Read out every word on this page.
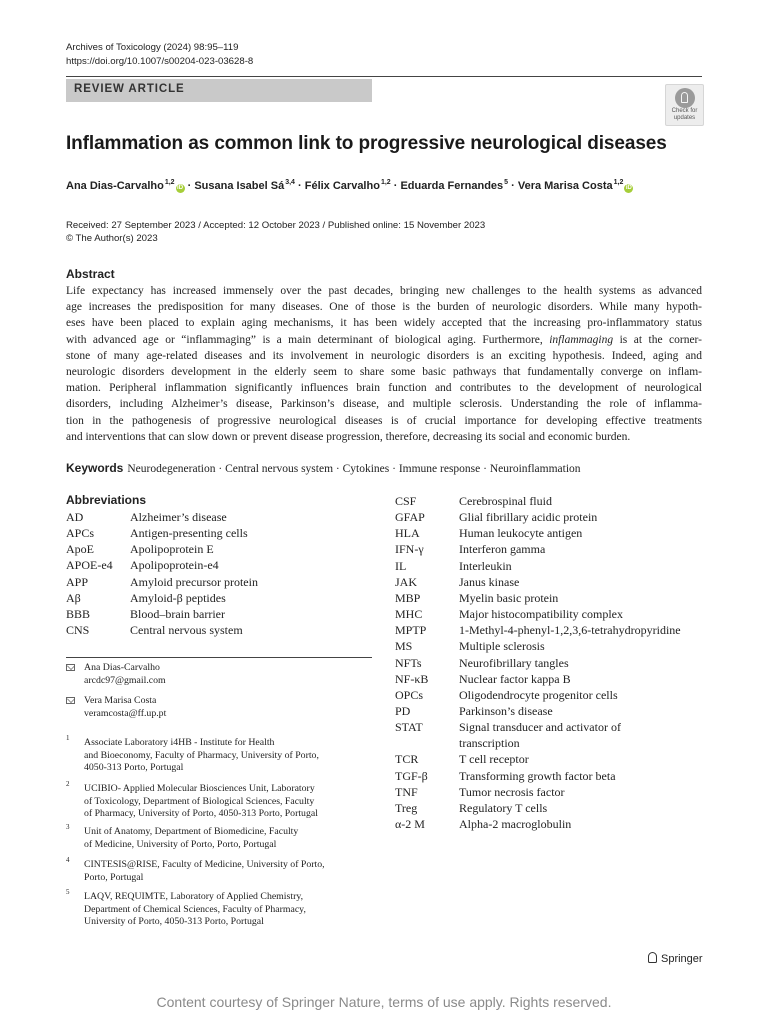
Archives of Toxicology (2024) 98:95–119
https://doi.org/10.1007/s00204-023-03628-8
REVIEW ARTICLE
Check for
updates
Inflammation as common link to progressive neurological diseases
Ana Dias-Carvalho$^{1,2}$iD · Susana Isabel Sá$^{3,4}$ · Félix Carvalho$^{1,2}$ · Eduarda Fernandes$^5$ · Vera Marisa Costa$^{1,2}$iD
Received: 27 September 2023 / Accepted: 12 October 2023 / Published online: 15 November 2023
© The Author(s) 2023
Abstract
Life expectancy has increased immensely over the past decades, bringing new challenges to the health systems as advanced
age increases the predisposition for many diseases. One of those is the burden of neurologic disorders. While many hypoth-
eses have been placed to explain aging mechanisms, it has been widely accepted that the increasing pro-inflammatory status
with advanced age or “inflammaging” is a main determinant of biological aging. Furthermore, inflammaging is at the corner-
stone of many age-related diseases and its involvement in neurologic disorders is an exciting hypothesis. Indeed, aging and
neurologic disorders development in the elderly seem to share some basic pathways that fundamentally converge on inflam-
mation. Peripheral inflammation significantly influences brain function and contributes to the development of neurological
disorders, including Alzheimer’s disease, Parkinson’s disease, and multiple sclerosis. Understanding the role of inflamma-
tion in the pathogenesis of progressive neurological diseases is of crucial importance for developing effective treatments
and interventions that can slow down or prevent disease progression, therefore, decreasing its social and economic burden.
Keywords Neurodegeneration · Central nervous system · Cytokines · Immune response · Neuroinflammation
Abbreviations
AD	Alzheimer’s disease
APCs	Antigen-presenting cells
ApoE	Apolipoprotein E
APOE-e4 Apolipoprotein-e4
APP	Amyloid precursor protein
Aβ	Amyloid-β peptides
BBB	Blood–brain barrier
CNS	Central nervous system
CSF	Cerebrospinal fluid
GFAP	Glial fibrillary acidic protein
HLA	Human leukocyte antigen
IFN-γ	Interferon gamma
IL	Interleukin
JAK	Janus kinase
MBP	Myelin basic protein
MHC	Major histocompatibility complex
MPTP	1-Methyl-4-phenyl-1,2,3,6-tetrahydropyridine
MS	Multiple sclerosis
NFTs	Neurofibrillary tangles
NF-κB	Nuclear factor kappa B
OPCs	Oligodendrocyte progenitor cells
PD	Parkinson’s disease
STAT	Signal transducer and activator of
transcription
TCR	T cell receptor
TGF-β	Transforming growth factor beta
TNF	Tumor necrosis factor
Treg	Regulatory T cells
α-2 M	Alpha-2 macroglobulin
Ana Dias-Carvalho
arcdc97@gmail.com
Vera Marisa Costa
veramcosta@ff.up.pt
1 Associate Laboratory i4HB - Institute for Health
and Bioeconomy, Faculty of Pharmacy, University of Porto,
4050-313 Porto, Portugal
2 UCIBIO- Applied Molecular Biosciences Unit, Laboratory
of Toxicology, Department of Biological Sciences, Faculty
of Pharmacy, University of Porto, 4050-313 Porto, Portugal
3 Unit of Anatomy, Department of Biomedicine, Faculty
of Medicine, University of Porto, Porto, Portugal
4 CINTESIS@RISE, Faculty of Medicine, University of Porto,
Porto, Portugal
5 LAQV, REQUIMTE, Laboratory of Applied Chemistry,
Department of Chemical Sciences, Faculty of Pharmacy,
University of Porto, 4050-313 Porto, Portugal
Springer
Content courtesy of Springer Nature, terms of use apply. Rights reserved.
